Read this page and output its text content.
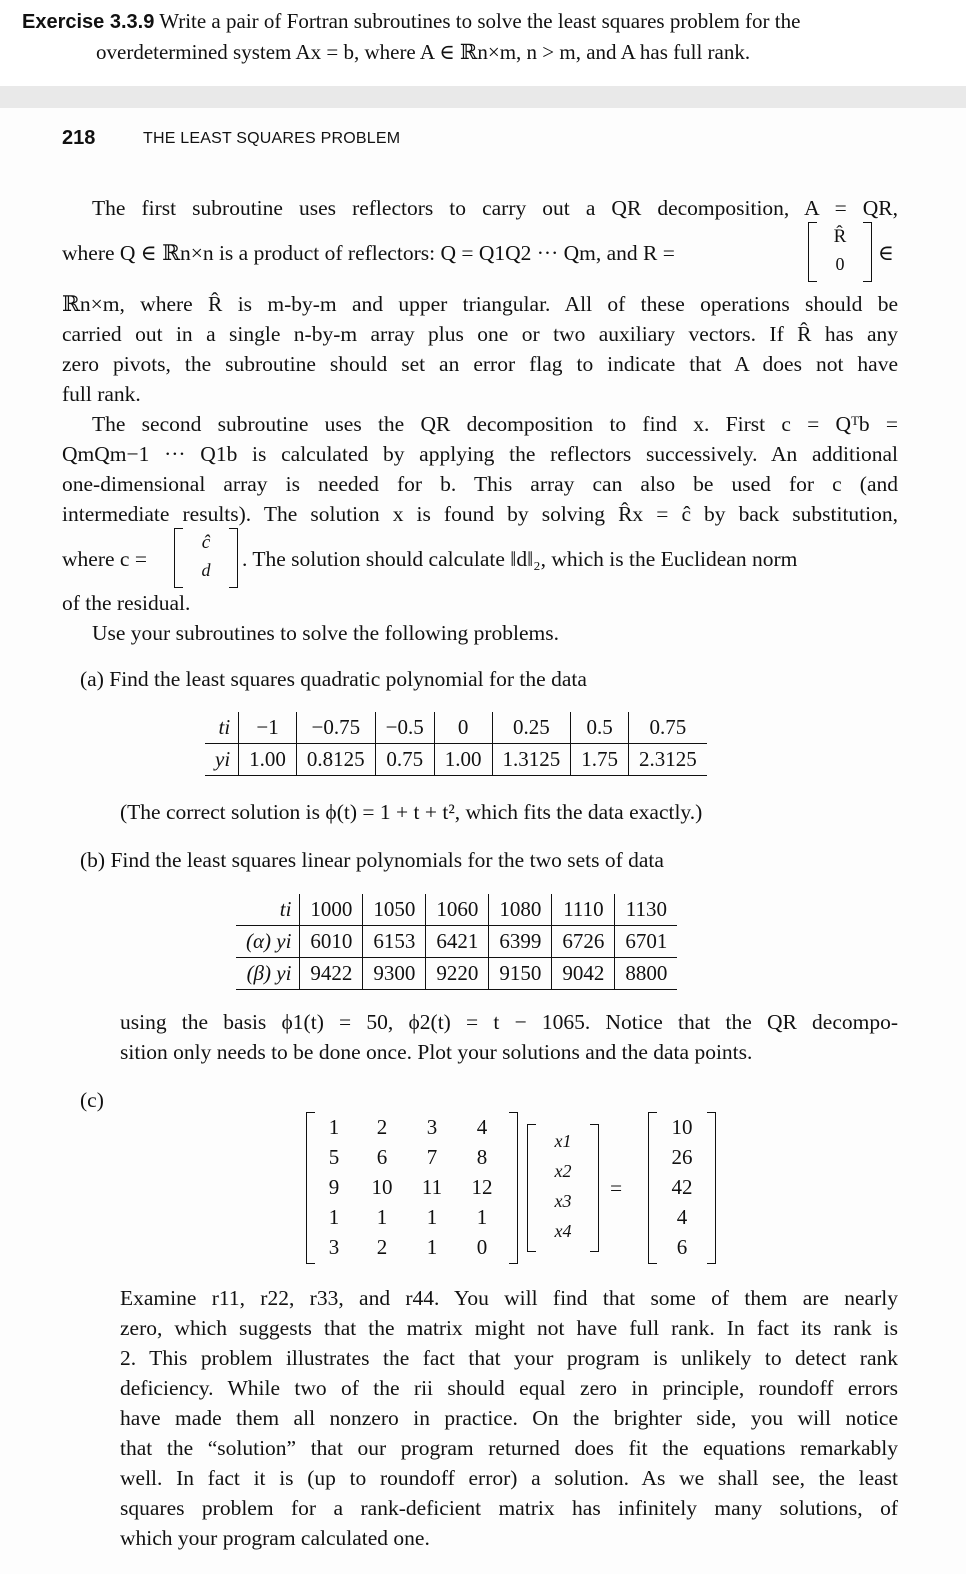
Exercise 3.3.9 Write a pair of Fortran subroutines to solve the least squares problem for the
overdetermined system Ax = b, where A ∈ ℝn×m, n > m, and A has full rank.
218	THE LEAST SQUARES PROBLEM
The first subroutine uses reflectors to carry out a QR decomposition, A = QR,
where Q ∈ ℝn×n is a product of reflectors: Q = Q1Q2 ··· Qm, and R =
R̂
0	∈
ℝn×m, where R̂ is m-by-m and upper triangular. All of these operations should be
carried out in a single n-by-m array plus one or two auxiliary vectors. If R̂ has any
zero pivots, the subroutine should set an error flag to indicate that A does not have
full rank.
The second subroutine uses the QR decomposition to find x. First c = Qᵀb =
QmQm−1 ··· Q1b is calculated by applying the reflectors successively. An additional
one-dimensional array is needed for b. This array can also be used for c (and
intermediate results). The solution x is found by solving R̂x = ĉ by back substitution,
where c =
ĉ
d	. The solution should calculate ‖d‖₂, which is the Euclidean norm
of the residual.
Use your subroutines to solve the following problems.
(a) Find the least squares quadratic polynomial for the data
ti	−1	−0.75	−0.5	0	0.25	0.5	0.75
yi	1.00	0.8125	0.75	1.00	1.3125	1.75	2.3125
(The correct solution is ϕ(t) = 1 + t + t², which fits the data exactly.)
(b) Find the least squares linear polynomials for the two sets of data
ti	1000	1050	1060	1080	1110	1130
(α) yi	6010	6153	6421	6399	6726	6701
(β) yi	9422	9300	9220	9150	9042	8800
using the basis ϕ1(t) = 50, ϕ2(t) = t − 1065. Notice that the QR decompo-
sition only needs to be done once. Plot your solutions and the data points.
(c)
1	2	3	4
5	6	7	8
9	10	11	12
1	1	1	1
3	2	1	0
x1
x2
x3
x4
=
10
26
42
4
6
Examine r11, r22, r33, and r44. You will find that some of them are nearly
zero, which suggests that the matrix might not have full rank. In fact its rank is
2. This problem illustrates the fact that your program is unlikely to detect rank
deficiency. While two of the rii should equal zero in principle, roundoff errors
have made them all nonzero in practice. On the brighter side, you will notice
that the “solution” that our program returned does fit the equations remarkably
well. In fact it is (up to roundoff error) a solution. As we shall see, the least
squares problem for a rank-deficient matrix has infinitely many solutions, of
which your program calculated one.
